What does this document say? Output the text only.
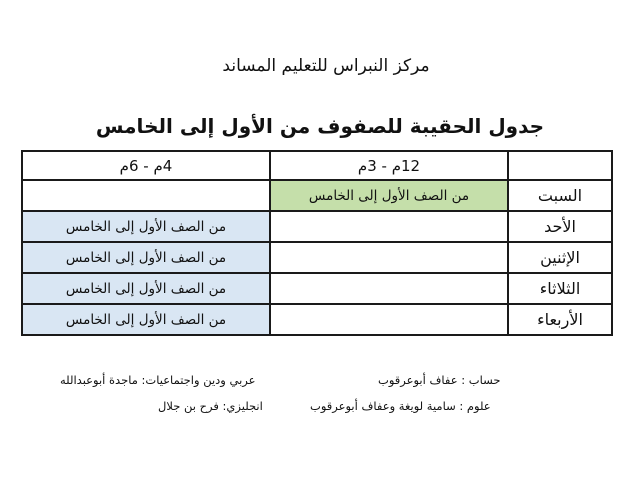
مركز النبراس للتعليم المساند
جدول الحقيبة للصفوف من الأول إلى الخامس
4م - 6م	12م - 3م	
	من الصف الأول إلى الخامس	السبت
من الصف الأول إلى الخامس		الأحد
من الصف الأول إلى الخامس		الإثنين
من الصف الأول إلى الخامس		الثلاثاء
من الصف الأول إلى الخامس		الأربعاء
حساب : عفاف أبوعرقوب
علوم : سامية لويغة وعفاف أبوعرقوب
عربي ودين واجتماعيات: ماجدة أبوعبدالله
انجليزي: فرح بن جلال
